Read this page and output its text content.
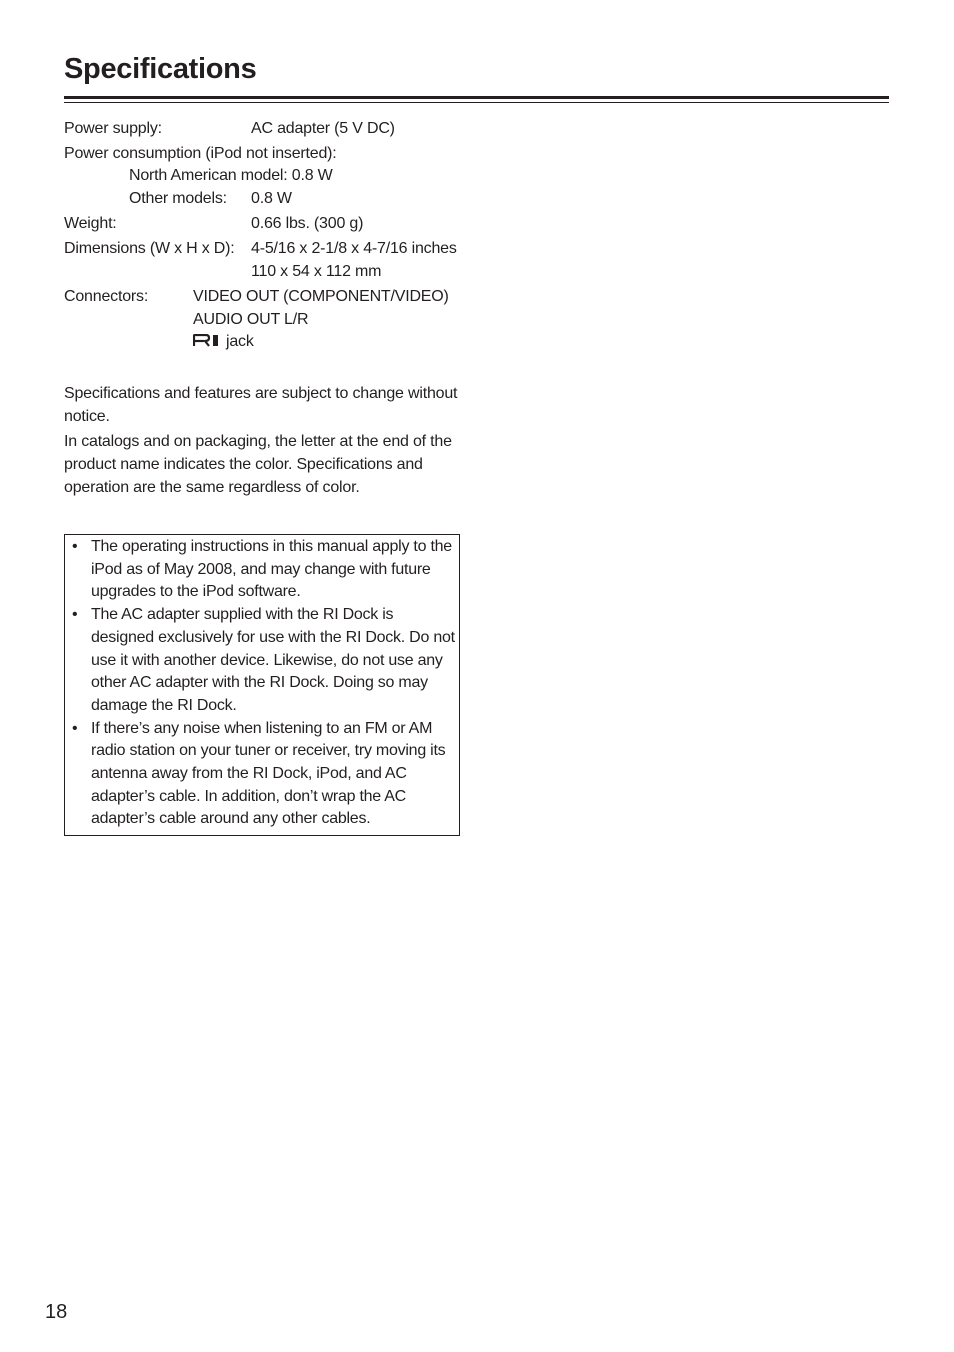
Specifications
Power supply:	AC adapter (5 V DC)
Power consumption (iPod not inserted):
North American model: 0.8 W
Other models: 0.8 W
Weight:	0.66 lbs. (300 g)
Dimensions (W x H x D): 4-5/16 x 2-1/8 x 4-7/16 inches
110 x 54 x 112 mm
Connectors:	VIDEO OUT (COMPONENT/VIDEO)
AUDIO OUT L/R
jack

Specifications and features are subject to change without notice.

In catalogs and on packaging, the letter at the end of the product name indicates the color. Specifications and operation are the same regardless of color.

• The operating instructions in this manual apply to the iPod as of May 2008, and may change with future upgrades to the iPod software.
• The AC adapter supplied with the RI Dock is designed exclusively for use with the RI Dock. Do not use it with another device. Likewise, do not use any other AC adapter with the RI Dock. Doing so may damage the RI Dock.
• If there’s any noise when listening to an FM or AM radio station on your tuner or receiver, try moving its antenna away from the RI Dock, iPod, and AC adapter’s cable. In addition, don’t wrap the AC adapter’s cable around any other cables.
18
